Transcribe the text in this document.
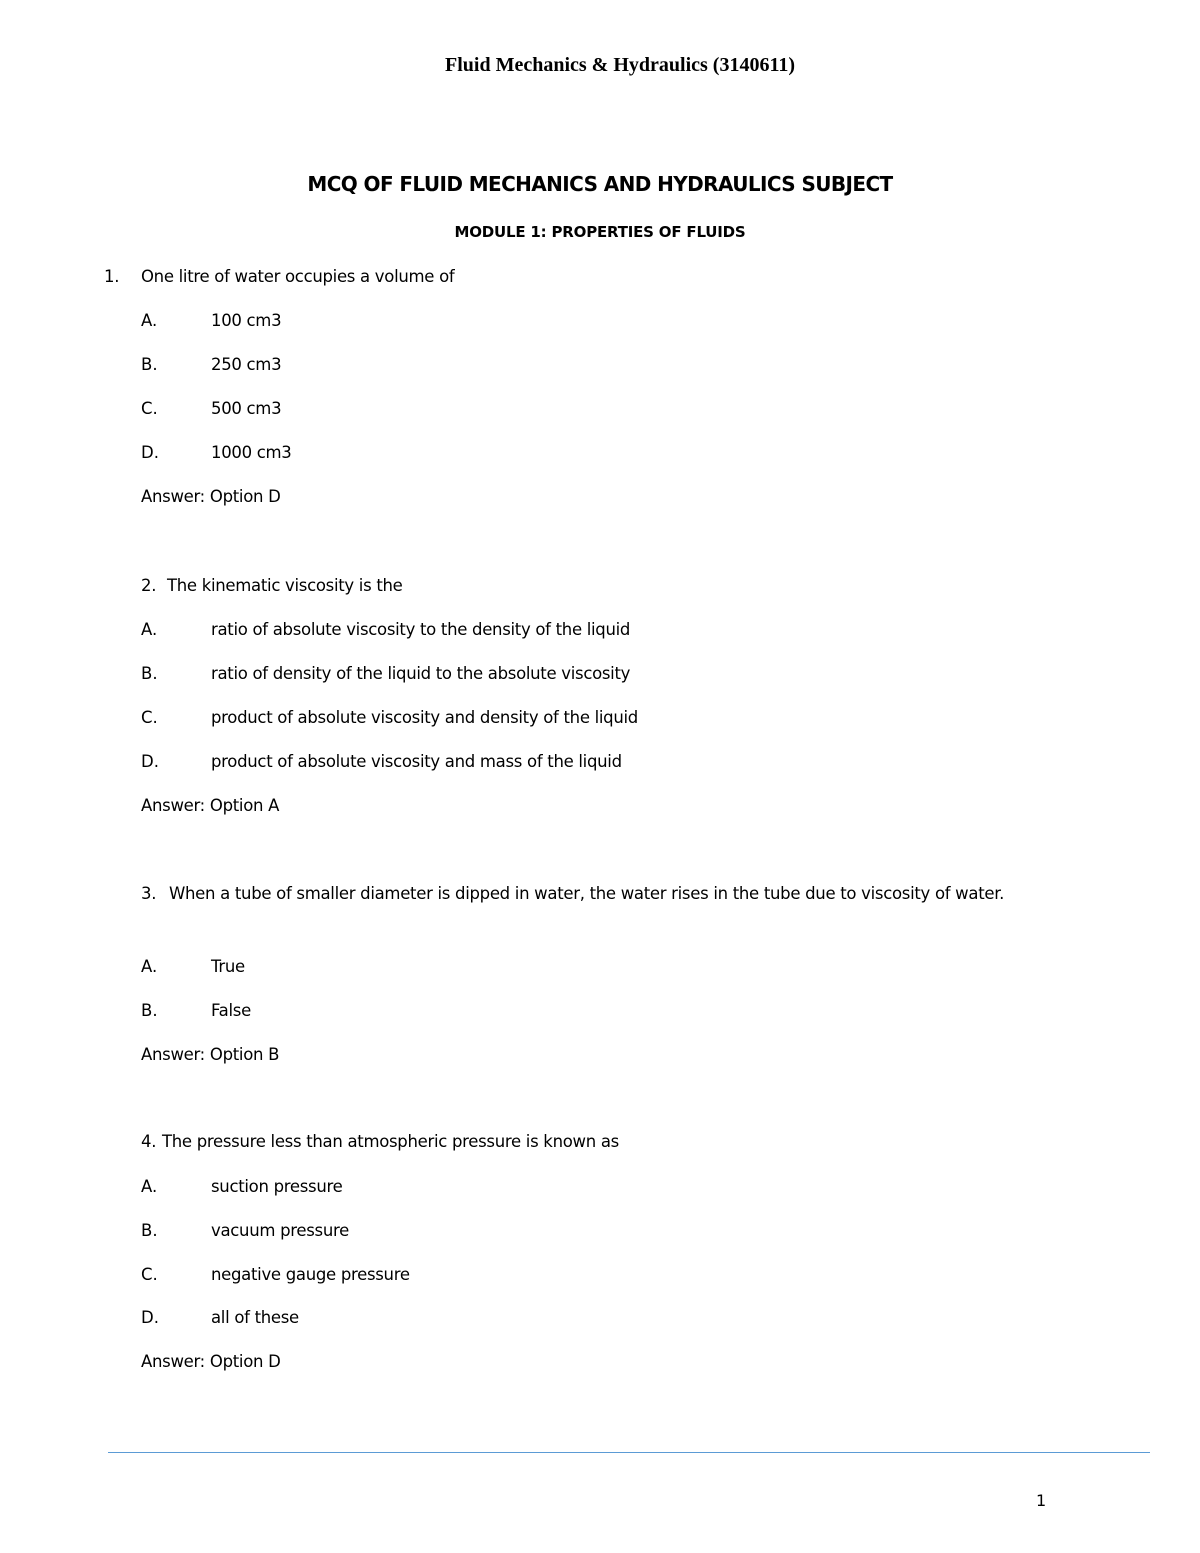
Fluid Mechanics & Hydraulics (3140611)
MCQ OF FLUID MECHANICS AND HYDRAULICS SUBJECT
MODULE 1: PROPERTIES OF FLUIDS
1. One litre of water occupies a volume of
A.	100 cm3
B.	250 cm3
C.	500 cm3
D.	1000 cm3
Answer: Option D
2. The kinematic viscosity is the
A.	ratio of absolute viscosity to the density of the liquid
B.	ratio of density of the liquid to the absolute viscosity
C.	product of absolute viscosity and density of the liquid
D.	product of absolute viscosity and mass of the liquid
Answer: Option A
3. When a tube of smaller diameter is dipped in water, the water rises in the tube due to viscosity of water.
A.	True
B.	False
Answer: Option B
4. The pressure less than atmospheric pressure is known as
A.	suction pressure
B.	vacuum pressure
C.	negative gauge pressure
D.	all of these
Answer: Option D
1
